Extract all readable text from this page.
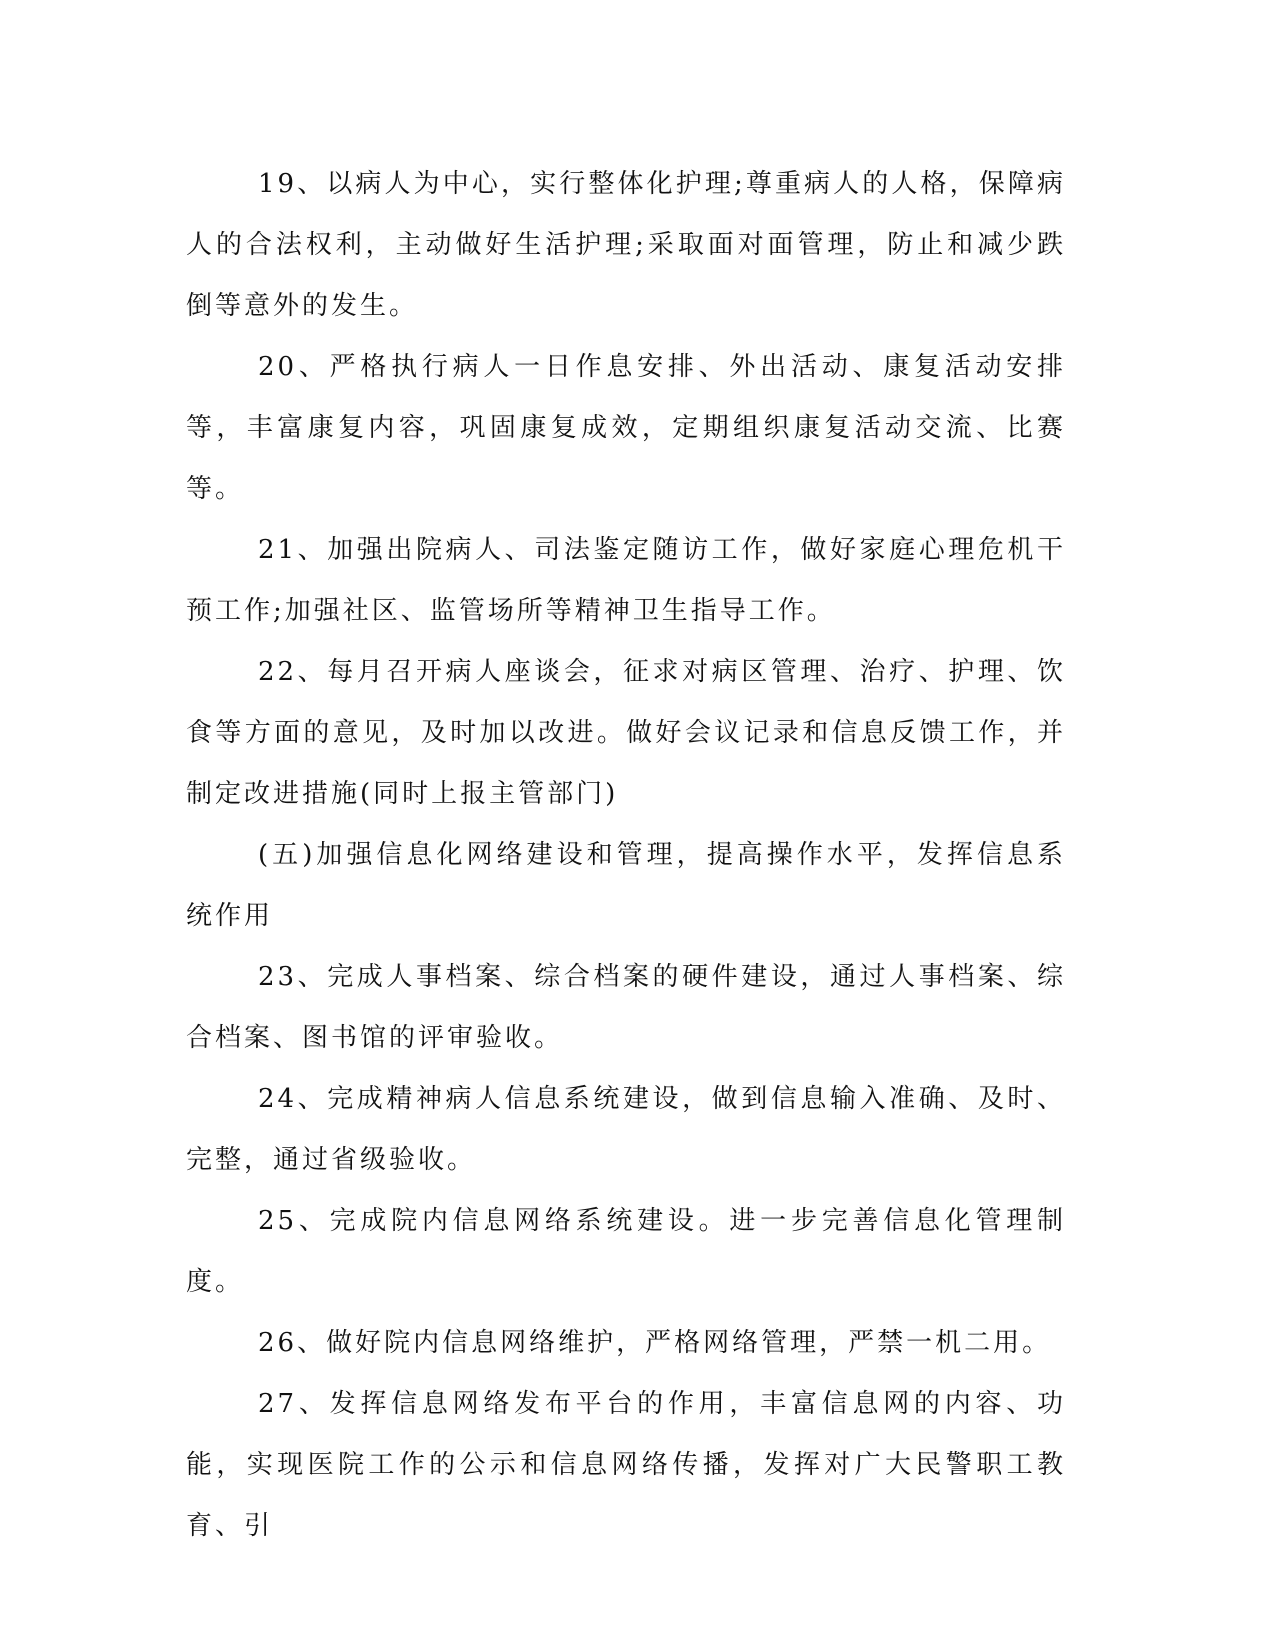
19、以病人为中心，实行整体化护理;尊重病人的人格，保障病人的合法权利，主动做好生活护理;采取面对面管理，防止和减少跌倒等意外的发生。

20、严格执行病人一日作息安排、外出活动、康复活动安排等，丰富康复内容，巩固康复成效，定期组织康复活动交流、比赛等。

21、加强出院病人、司法鉴定随访工作，做好家庭心理危机干预工作;加强社区、监管场所等精神卫生指导工作。

22、每月召开病人座谈会，征求对病区管理、治疗、护理、饮食等方面的意见，及时加以改进。做好会议记录和信息反馈工作，并制定改进措施(同时上报主管部门)

(五)加强信息化网络建设和管理，提高操作水平，发挥信息系统作用

23、完成人事档案、综合档案的硬件建设，通过人事档案、综合档案、图书馆的评审验收。

24、完成精神病人信息系统建设，做到信息输入准确、及时、完整，通过省级验收。

25、完成院内信息网络系统建设。进一步完善信息化管理制度。

26、做好院内信息网络维护，严格网络管理，严禁一机二用。

27、发挥信息网络发布平台的作用，丰富信息网的内容、功能，实现医院工作的公示和信息网络传播，发挥对广大民警职工教育、引
